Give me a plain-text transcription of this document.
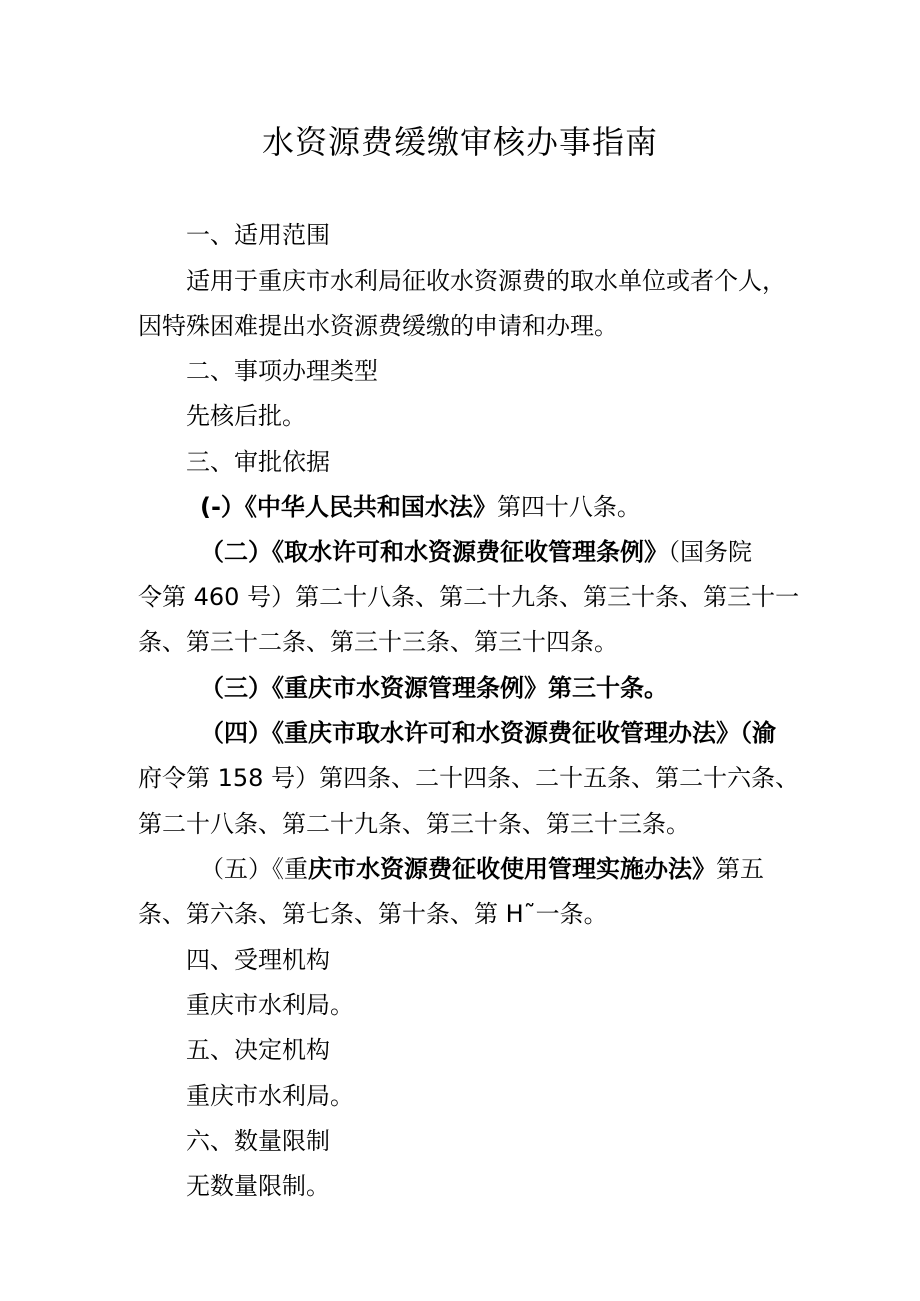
水资源费缓缴审核办事指南
一、适用范围
适用于重庆市水利局征收水资源费的取水单位或者个人，
因特殊困难提出水资源费缓缴的申请和办理。
二、事项办理类型
先核后批。
三、审批依据
(-）《中华人民共和国水法》第四十八条。
（二）《取水许可和水资源费征收管理条例》（国务院
令第 460 号）第二十八条、第二十九条、第三十条、第三十一
条、第三十二条、第三十三条、第三十四条。
（三）《重庆市水资源管理条例》第三十条。
（四）《重庆市取水许可和水资源费征收管理办法》（渝
府令第 158 号）第四条、二十四条、二十五条、第二十六条、
第二十八条、第二十九条、第三十条、第三十三条。
（五）《重庆市水资源费征收使用管理实施办法》第五
条、第六条、第七条、第十条、第 H˜一条。
四、受理机构
重庆市水利局。
五、决定机构
重庆市水利局。
六、数量限制
无数量限制。
